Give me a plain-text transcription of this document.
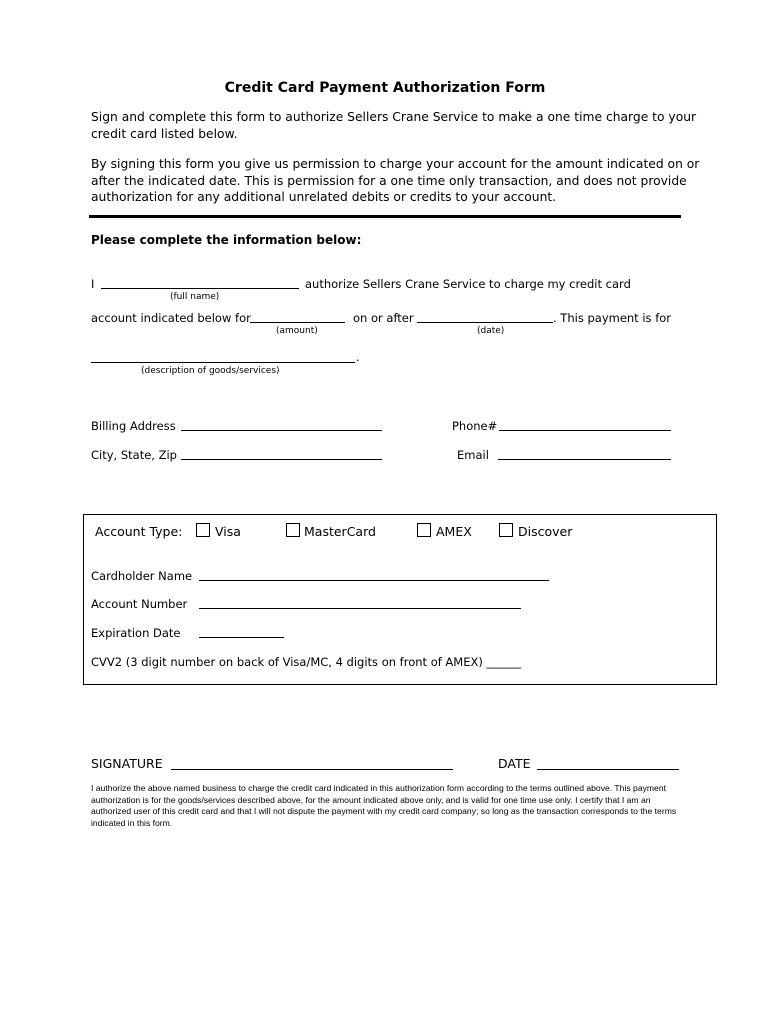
Credit Card Payment Authorization Form
Sign and complete this form to authorize Sellers Crane Service to make a one time charge to your credit card listed below.
By signing this form you give us permission to charge your account for the amount indicated on or after the indicated date. This is permission for a one time only transaction, and does not provide authorization for any additional unrelated debits or credits to your account.
Please complete the information below:
I	authorize Sellers Crane Service to charge my credit card
(full name)
account indicated below for	on or after	. This payment is for
(amount)	(date)
.
(description of goods/services)
Billing Address	Phone#
City, State, Zip	Email
Account Type:	Visa	MasterCard	AMEX	Discover
Cardholder Name
Account Number
Expiration Date
CVV2 (3 digit number on back of Visa/MC, 4 digits on front of AMEX) ______
SIGNATURE	DATE
I authorize the above named business to charge the credit card indicated in this authorization form according to the terms outlined above. This payment authorization is for the goods/services described above, for the amount indicated above only, and is valid for one time use only. I certify that I am an authorized user of this credit card and that I will not dispute the payment with my credit card company; so long as the transaction corresponds to the terms indicated in this form.
